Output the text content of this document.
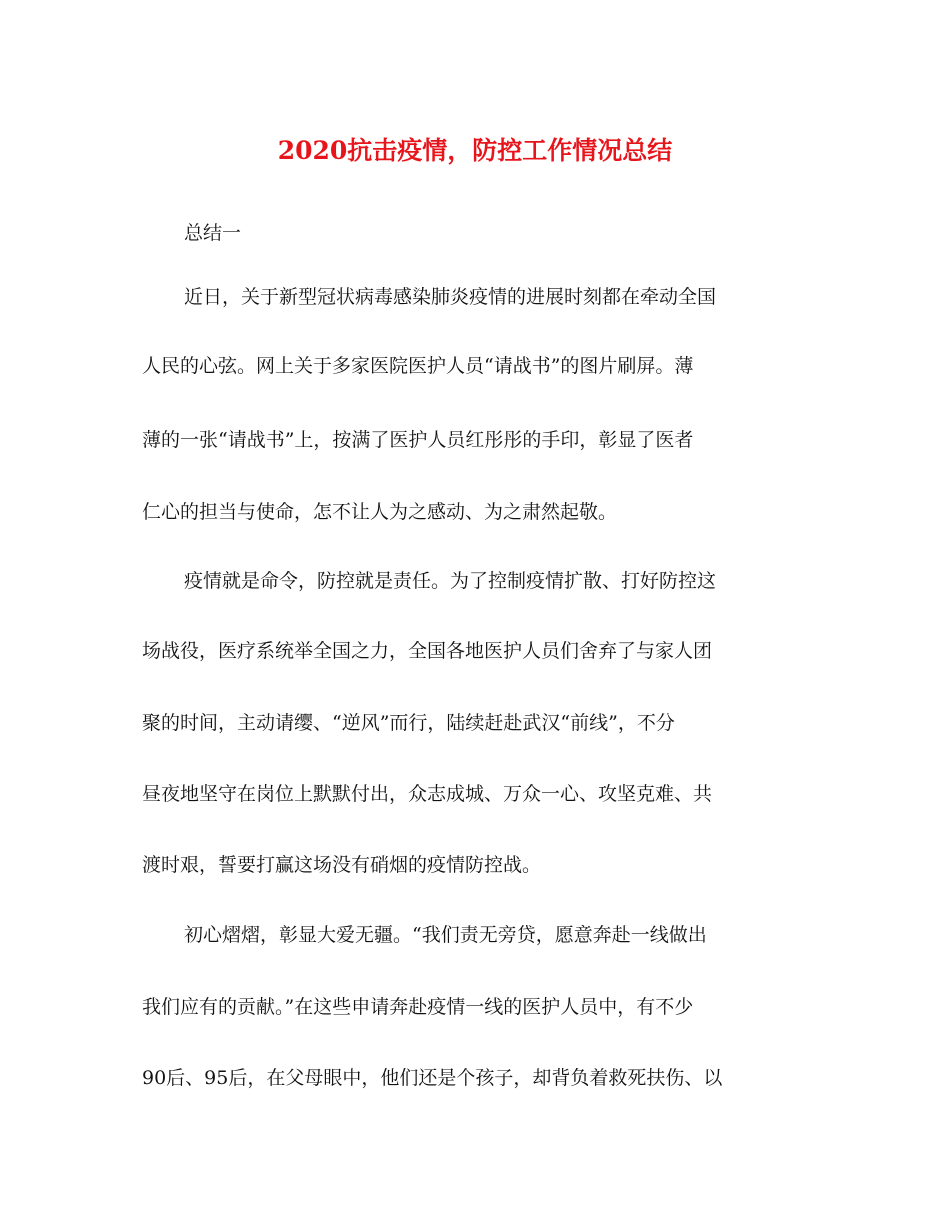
2020抗击疫情，防控工作情况总结

总结一

近日，关于新型冠状病毒感染肺炎疫情的进展时刻都在牵动全国

人民的心弦。网上关于多家医院医护人员“请战书”的图片刷屏。薄

薄的一张“请战书”上，按满了医护人员红彤彤的手印，彰显了医者

仁心的担当与使命，怎不让人为之感动、为之肃然起敬。

疫情就是命令，防控就是责任。为了控制疫情扩散、打好防控这

场战役，医疗系统举全国之力，全国各地医护人员们舍弃了与家人团

聚的时间，主动请缨、“逆风”而行，陆续赶赴武汉“前线”，不分

昼夜地坚守在岗位上默默付出，众志成城、万众一心、攻坚克难、共

渡时艰，誓要打赢这场没有硝烟的疫情防控战。

初心熠熠，彰显大爱无疆。“我们责无旁贷，愿意奔赴一线做出

我们应有的贡献。”在这些申请奔赴疫情一线的医护人员中，有不少

90后、95后，在父母眼中，他们还是个孩子，却背负着救死扶伤、以
